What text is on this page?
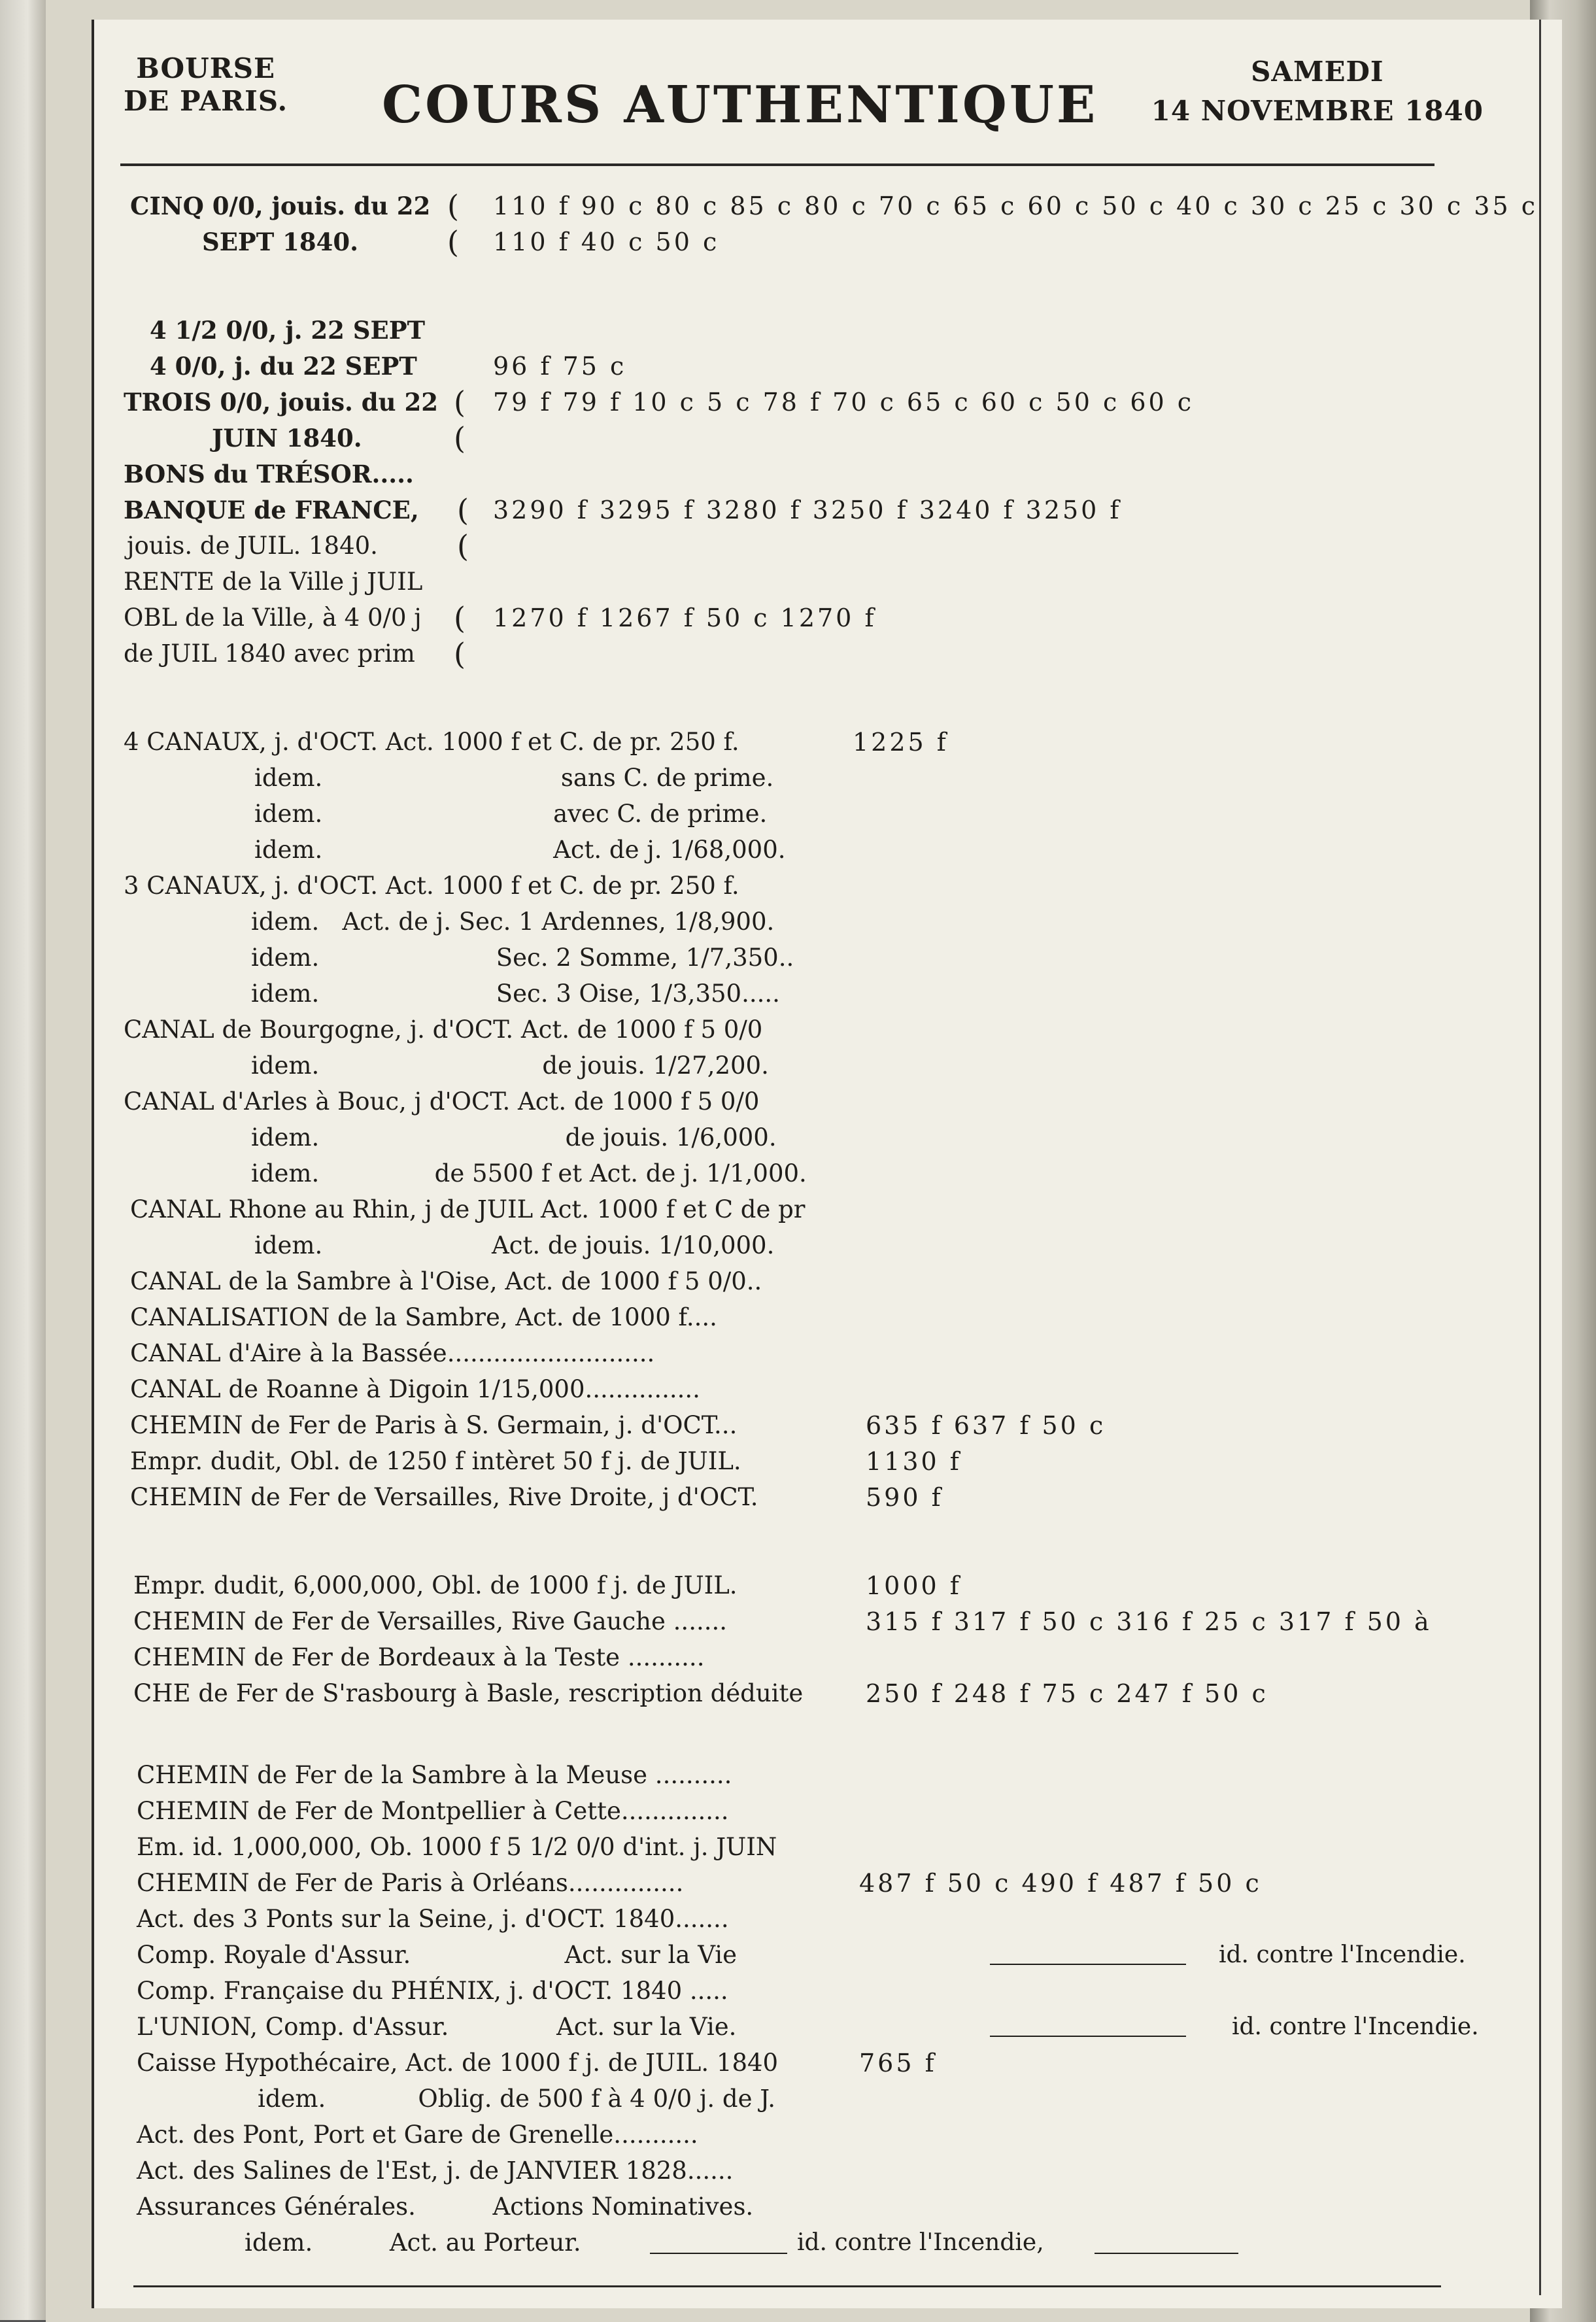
BOURSE
DE PARIS. COURS AUTHENTIQUE
SAMEDI
14 NOVEMBRE 1840
CINQ 0/0, jouis. du 22 ( 110 f 90 c 80 c 85 c 80 c 70 c 65 c 60 c 50 c 40 c 30 c 25 c 30 c 35 c
SEPT 1840.	( 110 f 40 c 50 c
4 1/2 0/0, j. 22 SEPT
4 0/0, j. du 22 SEPT	96 f 75 c
TROIS 0/0, jouis. du 22 ( 79 f 79 f 10 c 5 c 78 f 70 c 65 c 60 c 50 c 60 c
JUIN 1840.	(
BONS du TRÉSOR.....
BANQUE de FRANCE, ( 3290 f 3295 f 3280 f 3250 f 3240 f 3250 f
jouis. de JUIL. 1840.	(
RENTE de la Ville j JUIL
OBL de la Ville, à 4 0/0 j ( 1270 f 1267 f 50 c 1270 f
de JUIL 1840 avec prim (
4 CANAUX, j. d'OCT. Act. 1000 f et C. de pr. 250 f.	1225 f
idem.                               sans C. de prime.
idem.                              avec C. de prime.
idem.                              Act. de j. 1/68,000.
3 CANAUX, j. d'OCT. Act. 1000 f et C. de pr. 250 f.
idem.   Act. de j. Sec. 1 Ardennes, 1/8,900.
idem.                       Sec. 2 Somme, 1/7,350..
idem.                       Sec. 3 Oise, 1/3,350.....
CANAL de Bourgogne, j. d'OCT. Act. de 1000 f 5 0/0
idem.                             de jouis. 1/27,200.
CANAL d'Arles à Bouc, j d'OCT. Act. de 1000 f 5 0/0
idem.                                de jouis. 1/6,000.
idem.               de 5500 f et Act. de j. 1/1,000.
CANAL Rhone au Rhin, j de JUIL Act. 1000 f et C de pr
idem.                      Act. de jouis. 1/10,000.
CANAL de la Sambre à l'Oise, Act. de 1000 f 5 0/0..
CANALISATION de la Sambre, Act. de 1000 f....
CANAL d'Aire à la Bassée...........................
CANAL de Roanne à Digoin 1/15,000...............
CHEMIN de Fer de Paris à S. Germain, j. d'OCT...	635 f 637 f 50 c
Empr. dudit, Obl. de 1250 f intèret 50 f j. de JUIL.	1130 f
CHEMIN de Fer de Versailles, Rive Droite, j d'OCT.	590 f
Empr. dudit, 6,000,000, Obl. de 1000 f j. de JUIL.	1000 f
CHEMIN de Fer de Versailles, Rive Gauche .......	315 f 317 f 50 c 316 f 25 c 317 f 50 à
CHEMIN de Fer de Bordeaux à la Teste ..........
CHE de Fer de S'rasbourg à Basle, rescription déduite	250 f 248 f 75 c 247 f 50 c
CHEMIN de Fer de la Sambre à la Meuse ..........
CHEMIN de Fer de Montpellier à Cette..............
Em. id. 1,000,000, Ob. 1000 f 5 1/2 0/0 d'int. j. JUIN
CHEMIN de Fer de Paris à Orléans...............	487 f 50 c 490 f 487 f 50 c
Act. des 3 Ponts sur la Seine, j. d'OCT. 1840.......
Comp. Royale d'Assur.                    Act. sur la Vie	id. contre l'Incendie.
Comp. Française du PHÉNIX, j. d'OCT. 1840 .....
L'UNION, Comp. d'Assur.              Act. sur la Vie.	id. contre l'Incendie.
Caisse Hypothécaire, Act. de 1000 f j. de JUIL. 1840	765 f
idem.            Oblig. de 500 f à 4 0/0 j. de J.
Act. des Pont, Port et Gare de Grenelle...........
Act. des Salines de l'Est, j. de JANVIER 1828......
Assurances Générales.          Actions Nominatives.
idem.          Act. au Porteur.	id. contre l'Incendie,
